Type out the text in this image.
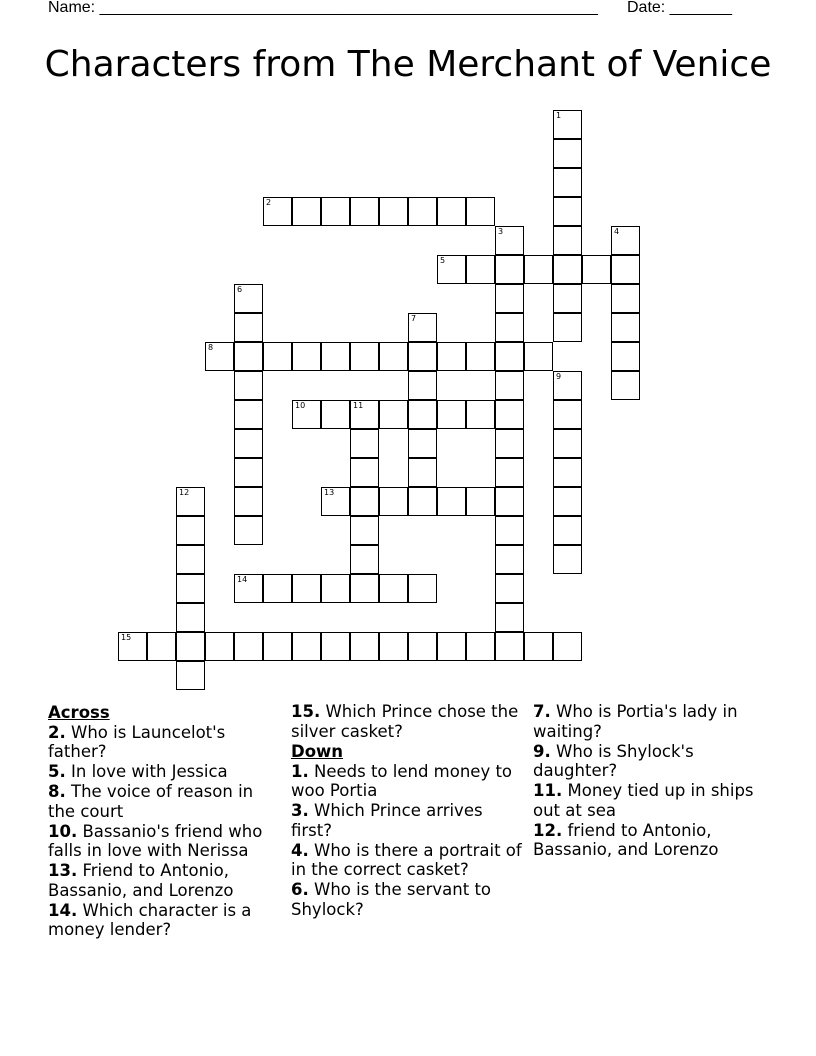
Name: ________________________________________________________ Date: _______
Characters from The Merchant of Venice
1
2
3	4
5
6
7
8
9
10	11
12	13
14
15
Across
2. Who is Launcelot's father?
5. In love with Jessica
8. The voice of reason in the court
10. Bassanio's friend who falls in love with Nerissa
13. Friend to Antonio, Bassanio, and Lorenzo
14. Which character is a money lender?
15. Which Prince chose the silver casket?
Down
1. Needs to lend money to woo Portia
3. Which Prince arrives first?
4. Who is there a portrait of in the correct casket?
6. Who is the servant to Shylock?
7. Who is Portia's lady in waiting?
9. Who is Shylock's daughter?
11. Money tied up in ships out at sea
12. friend to Antonio, Bassanio, and Lorenzo
